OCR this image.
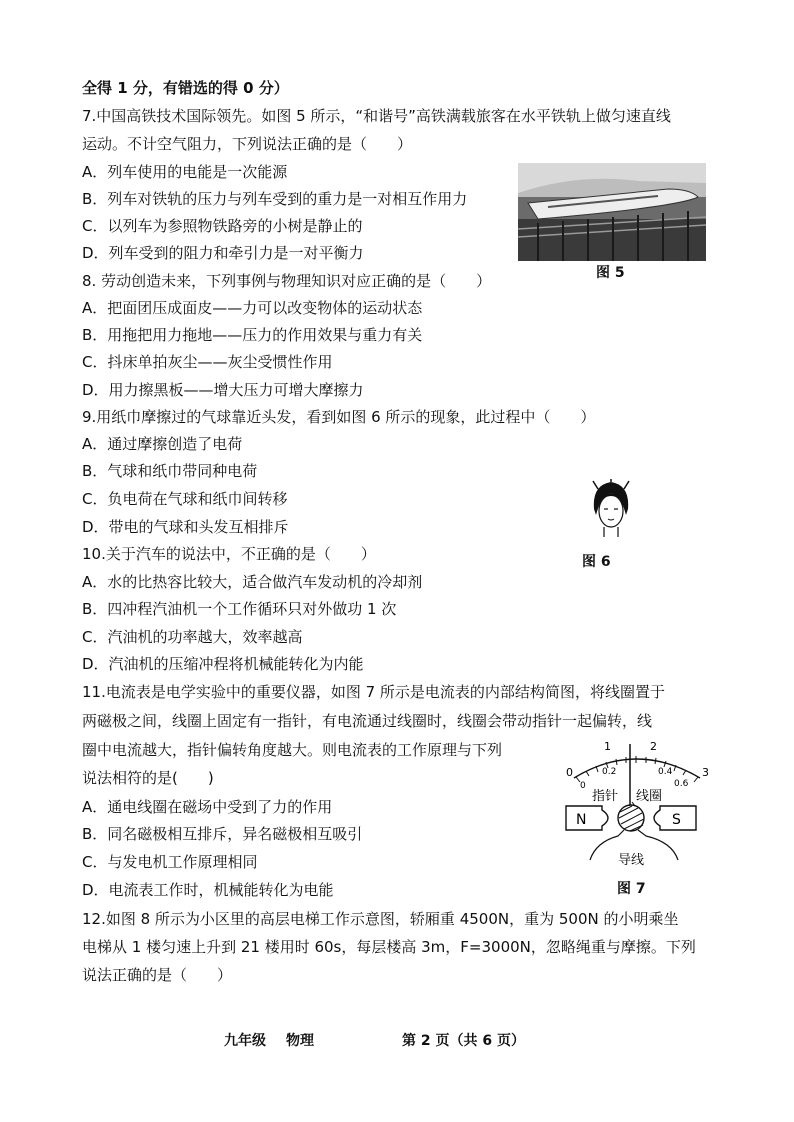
全得 1 分，有错选的得 0 分）
7.中国高铁技术国际领先。如图 5 所示，“和谐号”高铁满载旅客在水平铁轨上做匀速直线
运动。不计空气阻力，下列说法正确的是（　　）
A．列车使用的电能是一次能源
B．列车对铁轨的压力与列车受到的重力是一对相互作用力
C．以列车为参照物铁路旁的小树是静止的
D．列车受到的阻力和牵引力是一对平衡力
图 5
8. 劳动创造未来，下列事例与物理知识对应正确的是（　　）
A．把面团压成面皮——力可以改变物体的运动状态
B．用拖把用力拖地——压力的作用效果与重力有关
C．抖床单拍灰尘——灰尘受惯性作用
D．用力擦黑板——增大压力可增大摩擦力
9.用纸巾摩擦过的气球靠近头发，看到如图 6 所示的现象，此过程中（　　）
A．通过摩擦创造了电荷
B．气球和纸巾带同种电荷
C．负电荷在气球和纸巾间转移
D．带电的气球和头发互相排斥
图 6
10.关于汽车的说法中，不正确的是（　　）
A．水的比热容比较大，适合做汽车发动机的冷却剂
B．四冲程汽油机一个工作循环只对外做功 1 次
C．汽油机的功率越大，效率越高
D．汽油机的压缩冲程将机械能转化为内能
11.电流表是电学实验中的重要仪器，如图 7 所示是电流表的内部结构简图，将线圈置于
两磁极之间，线圈上固定有一指针，有电流通过线圈时，线圈会带动指针一起偏转，线
圈中电流越大，指针偏转角度越大。则电流表的工作原理与下列
说法相符的是(　　)
A．通电线圈在磁场中受到了力的作用
B．同名磁极相互排斥，异名磁极相互吸引
C．与发电机工作原理相同
D．电流表工作时，机械能转化为电能
0
1	2
3
0
0.2	0.4
0.6
指针 线圈
N	S
导线
图 7
12.如图 8 所示为小区里的高层电梯工作示意图，轿厢重 4500N，重为 500N 的小明乘坐
电梯从 1 楼匀速上升到 21 楼用时 60s，每层楼高 3m，F=3000N，忽略绳重与摩擦。下列
说法正确的是（　　）
九年级 物理	第 2 页（共 6 页）
